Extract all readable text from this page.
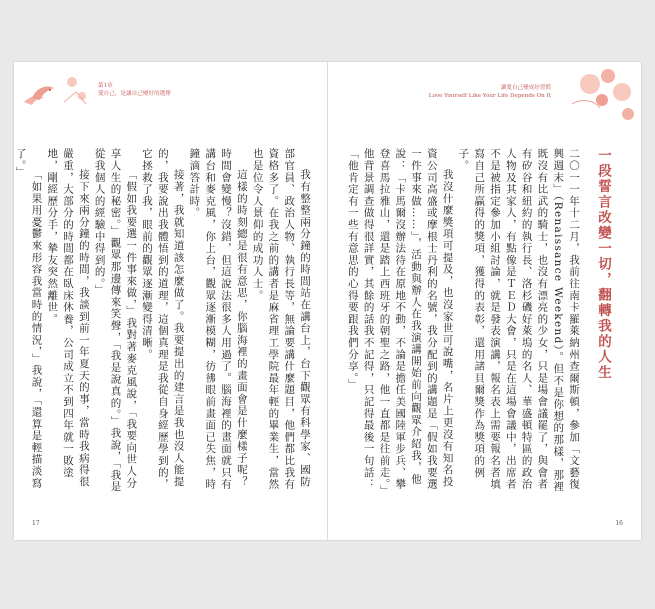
第1章
愛自己，是讓自己變好的選擇
讓愛自己變成好習慣
Love Yourself Like Your Life Depends On It
一段誓言改變一切，翻轉我的人生

二〇一一年十二月，我前往南卡羅萊納州查爾斯頓，參加「文藝復興週末」（Renaissance Weekend）。但不是你想的那樣，那裡既沒有比武的騎士，也沒有漂亮的少女，只是場會議罷了，與會者有矽谷和紐約的執行長、洛杉磯好萊塢的名人、華盛頓特區的政治人物及其家人，有點像是ＴＥＤ大會，只是在這場會議中，出席者不是被指定參加小組討論，就是發表演講，報名表上需要報名者填寫自己所贏得的獎項，獲得的表彰，還用諸貝爾獎作為獎項的例子。

我沒什麼獎項可提及，也沒家世可說嘴，名片上更沒有知名投資公司高盛或摩根士丹利的名號，我分配到的講題是「假如我要選一件事來做……」，活動與辦人在我演講開始前向觀眾介紹我，他說：「卡馬爾沒辦法待在原地不動，不論是擔任美國陸軍步兵、攀登喜馬拉雅山，還是踏上西班牙的朝聖之路，他一直都是往前走。」他背景調查做得很詳實，其餘的話我不記得，只記得最後一句話：「他肯定有一些有意思的心得要跟我們分享。」

我有整整兩分鐘的時間站在講台上，台下觀眾有科學家、國防部官員、政治人物、執行長等，無論要講什麼題目，他們都比我有資格多了。在我之前的講者是麻省理工學院最年輕的畢業生，當然也是位令人景仰的成功人士。

這樣的時刻總是很有意思，你腦海裡的畫面會是什麼樣子呢？時間會變慢？沒錯，但這說法很多人用過了。腦海裡的畫面就只有講台和麥克風，你上台，觀眾逐漸模糊，彷彿眼前畫面已失焦，時鐘滴答計時。

接著，我就知道該怎麼做了。我要提出的建言是我也沒人能提的，我要說出我體悟到的道理，這個真理是我從自身經歷學到的，它拯救了我，眼前的觀眾逐漸變得清晰。

「假如我要選一件事來做，」我對著麥克風說，「我要向世人分享人生的秘密。」觀眾那邊傳來笑聲，「我是說真的。」我說，「我是從我個人的經驗中得到的。」

接下來兩分鐘的時間，我談到前一年夏天的事，當時我病得很嚴重，大部分的時間都在臥床休養，公司成立不到四年就一敗塗地，剛經歷分手，摯友突然離世。

「如果用憂鬱來形容我當時的情況，」我說，「還算是輕描淡寫了。」

17	16
